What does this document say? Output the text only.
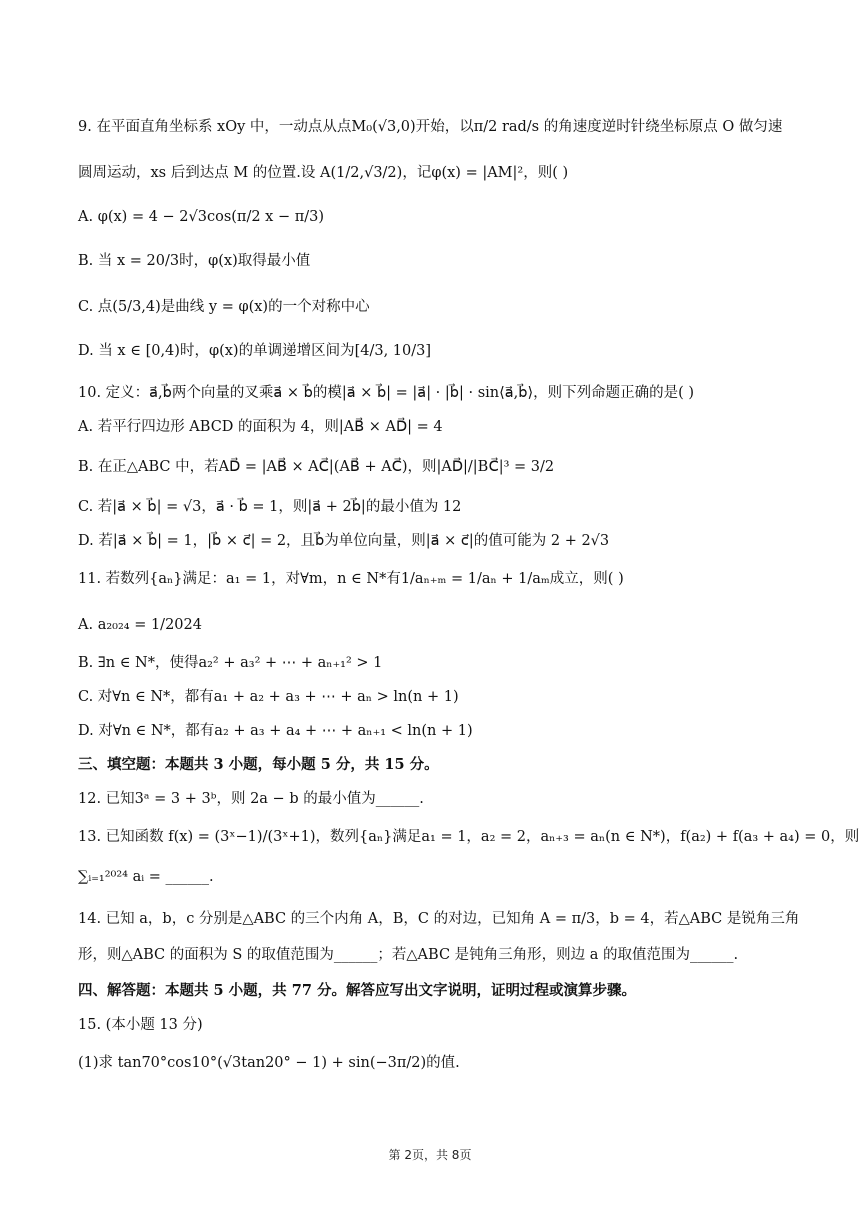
9. 在平面直角坐标系 xOy 中，一动点从点M₀(√3,0)开始，以π/2 rad/s 的角速度逆时针绕坐标原点 O 做匀速
圆周运动，xs 后到达点 M 的位置.设 A(1/2,√3/2)，记φ(x) = |AM|²，则( )
A. φ(x) = 4 − 2√3cos(π/2 x − π/3)
B. 当 x = 20/3时，φ(x)取得最小值
C. 点(5/3,4)是曲线 y = φ(x)的一个对称中心
D. 当 x ∈ [0,4)时，φ(x)的单调递增区间为[4/3, 10/3]
10. 定义：a⃗,b⃗两个向量的叉乘a⃗ × b⃗的模|a⃗ × b⃗| = |a⃗| · |b⃗| · sin⟨a⃗,b⃗⟩，则下列命题正确的是( )
A. 若平行四边形 ABCD 的面积为 4，则|AB⃗ × AD⃗| = 4
B. 在正△ABC 中，若AD⃗ = |AB⃗ × AC⃗|(AB⃗ + AC⃗)，则|AD⃗|/|BC⃗|³ = 3/2
C. 若|a⃗ × b⃗| = √3，a⃗ · b⃗ = 1，则|a⃗ + 2b⃗|的最小值为 12
D. 若|a⃗ × b⃗| = 1，|b⃗ × c⃗| = 2，且b⃗为单位向量，则|a⃗ × c⃗|的值可能为 2 + 2√3
11. 若数列{aₙ}满足：a₁ = 1，对∀m，n ∈ N*有1/aₙ₊ₘ = 1/aₙ + 1/aₘ成立，则( )
A. a₂₀₂₄ = 1/2024
B. ∃n ∈ N*，使得a₂² + a₃² + ⋯ + aₙ₊₁² > 1
C. 对∀n ∈ N*，都有a₁ + a₂ + a₃ + ⋯ + aₙ > ln(n + 1)
D. 对∀n ∈ N*，都有a₂ + a₃ + a₄ + ⋯ + aₙ₊₁ < ln(n + 1)
三、填空题：本题共 3 小题，每小题 5 分，共 15 分。
12. 已知3ᵃ = 3 + 3ᵇ，则 2a − b 的最小值为______.
13. 已知函数 f(x) = (3ˣ−1)/(3ˣ+1)，数列{aₙ}满足a₁ = 1，a₂ = 2，aₙ₊₃ = aₙ(n ∈ N*)，f(a₂) + f(a₃ + a₄) = 0，则
∑ᵢ₌₁²⁰²⁴ aᵢ = ______.
14. 已知 a，b，c 分别是△ABC 的三个内角 A，B，C 的对边，已知角 A = π/3，b = 4，若△ABC 是锐角三角
形，则△ABC 的面积为 S 的取值范围为______；若△ABC 是钝角三角形，则边 a 的取值范围为______.
四、解答题：本题共 5 小题，共 77 分。解答应写出文字说明，证明过程或演算步骤。
15. (本小题 13 分)
(1)求 tan70°cos10°(√3tan20° − 1) + sin(−3π/2)的值.
第 2页，共 8页
